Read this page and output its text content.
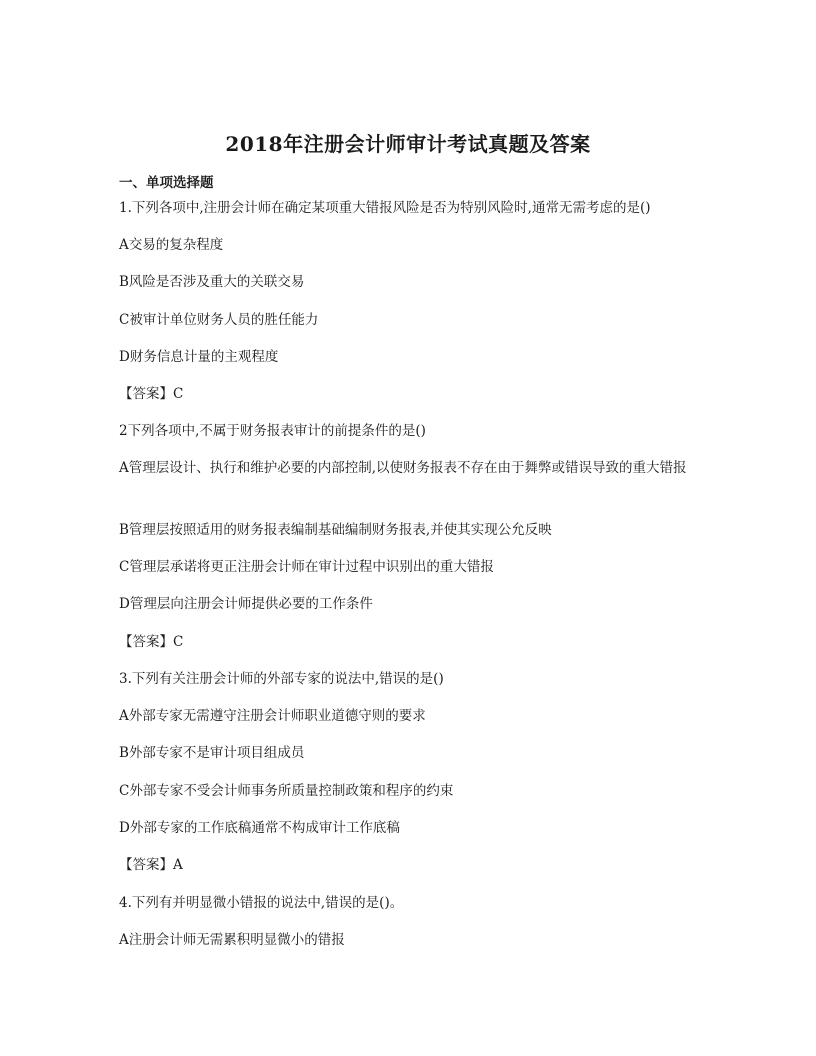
2018年注册会计师审计考试真题及答案
一、单项选择题
1.下列各项中,注册会计师在确定某项重大错报风险是否为特别风险时,通常无需考虑的是()
A交易的复杂程度
B风险是否涉及重大的关联交易
C被审计单位财务人员的胜任能力
D财务信息计量的主观程度
【答案】C
2下列各项中,不属于财务报表审计的前提条件的是()
A管理层设计、执行和维护必要的内部控制,以使财务报表不存在由于舞弊或错误导致的重大错报
B管理层按照适用的财务报表编制基础编制财务报表,并使其实现公允反映
C管理层承诺将更正注册会计师在审计过程中识别出的重大错报
D管理层向注册会计师提供必要的工作条件
【答案】C
3.下列有关注册会计师的外部专家的说法中,错误的是()
A外部专家无需遵守注册会计师职业道德守则的要求
B外部专家不是审计项目组成员
C外部专家不受会计师事务所质量控制政策和程序的约束
D外部专家的工作底稿通常不构成审计工作底稿
【答案】A
4.下列有并明显微小错报的说法中,错误的是()。
A注册会计师无需累积明显微小的错报
